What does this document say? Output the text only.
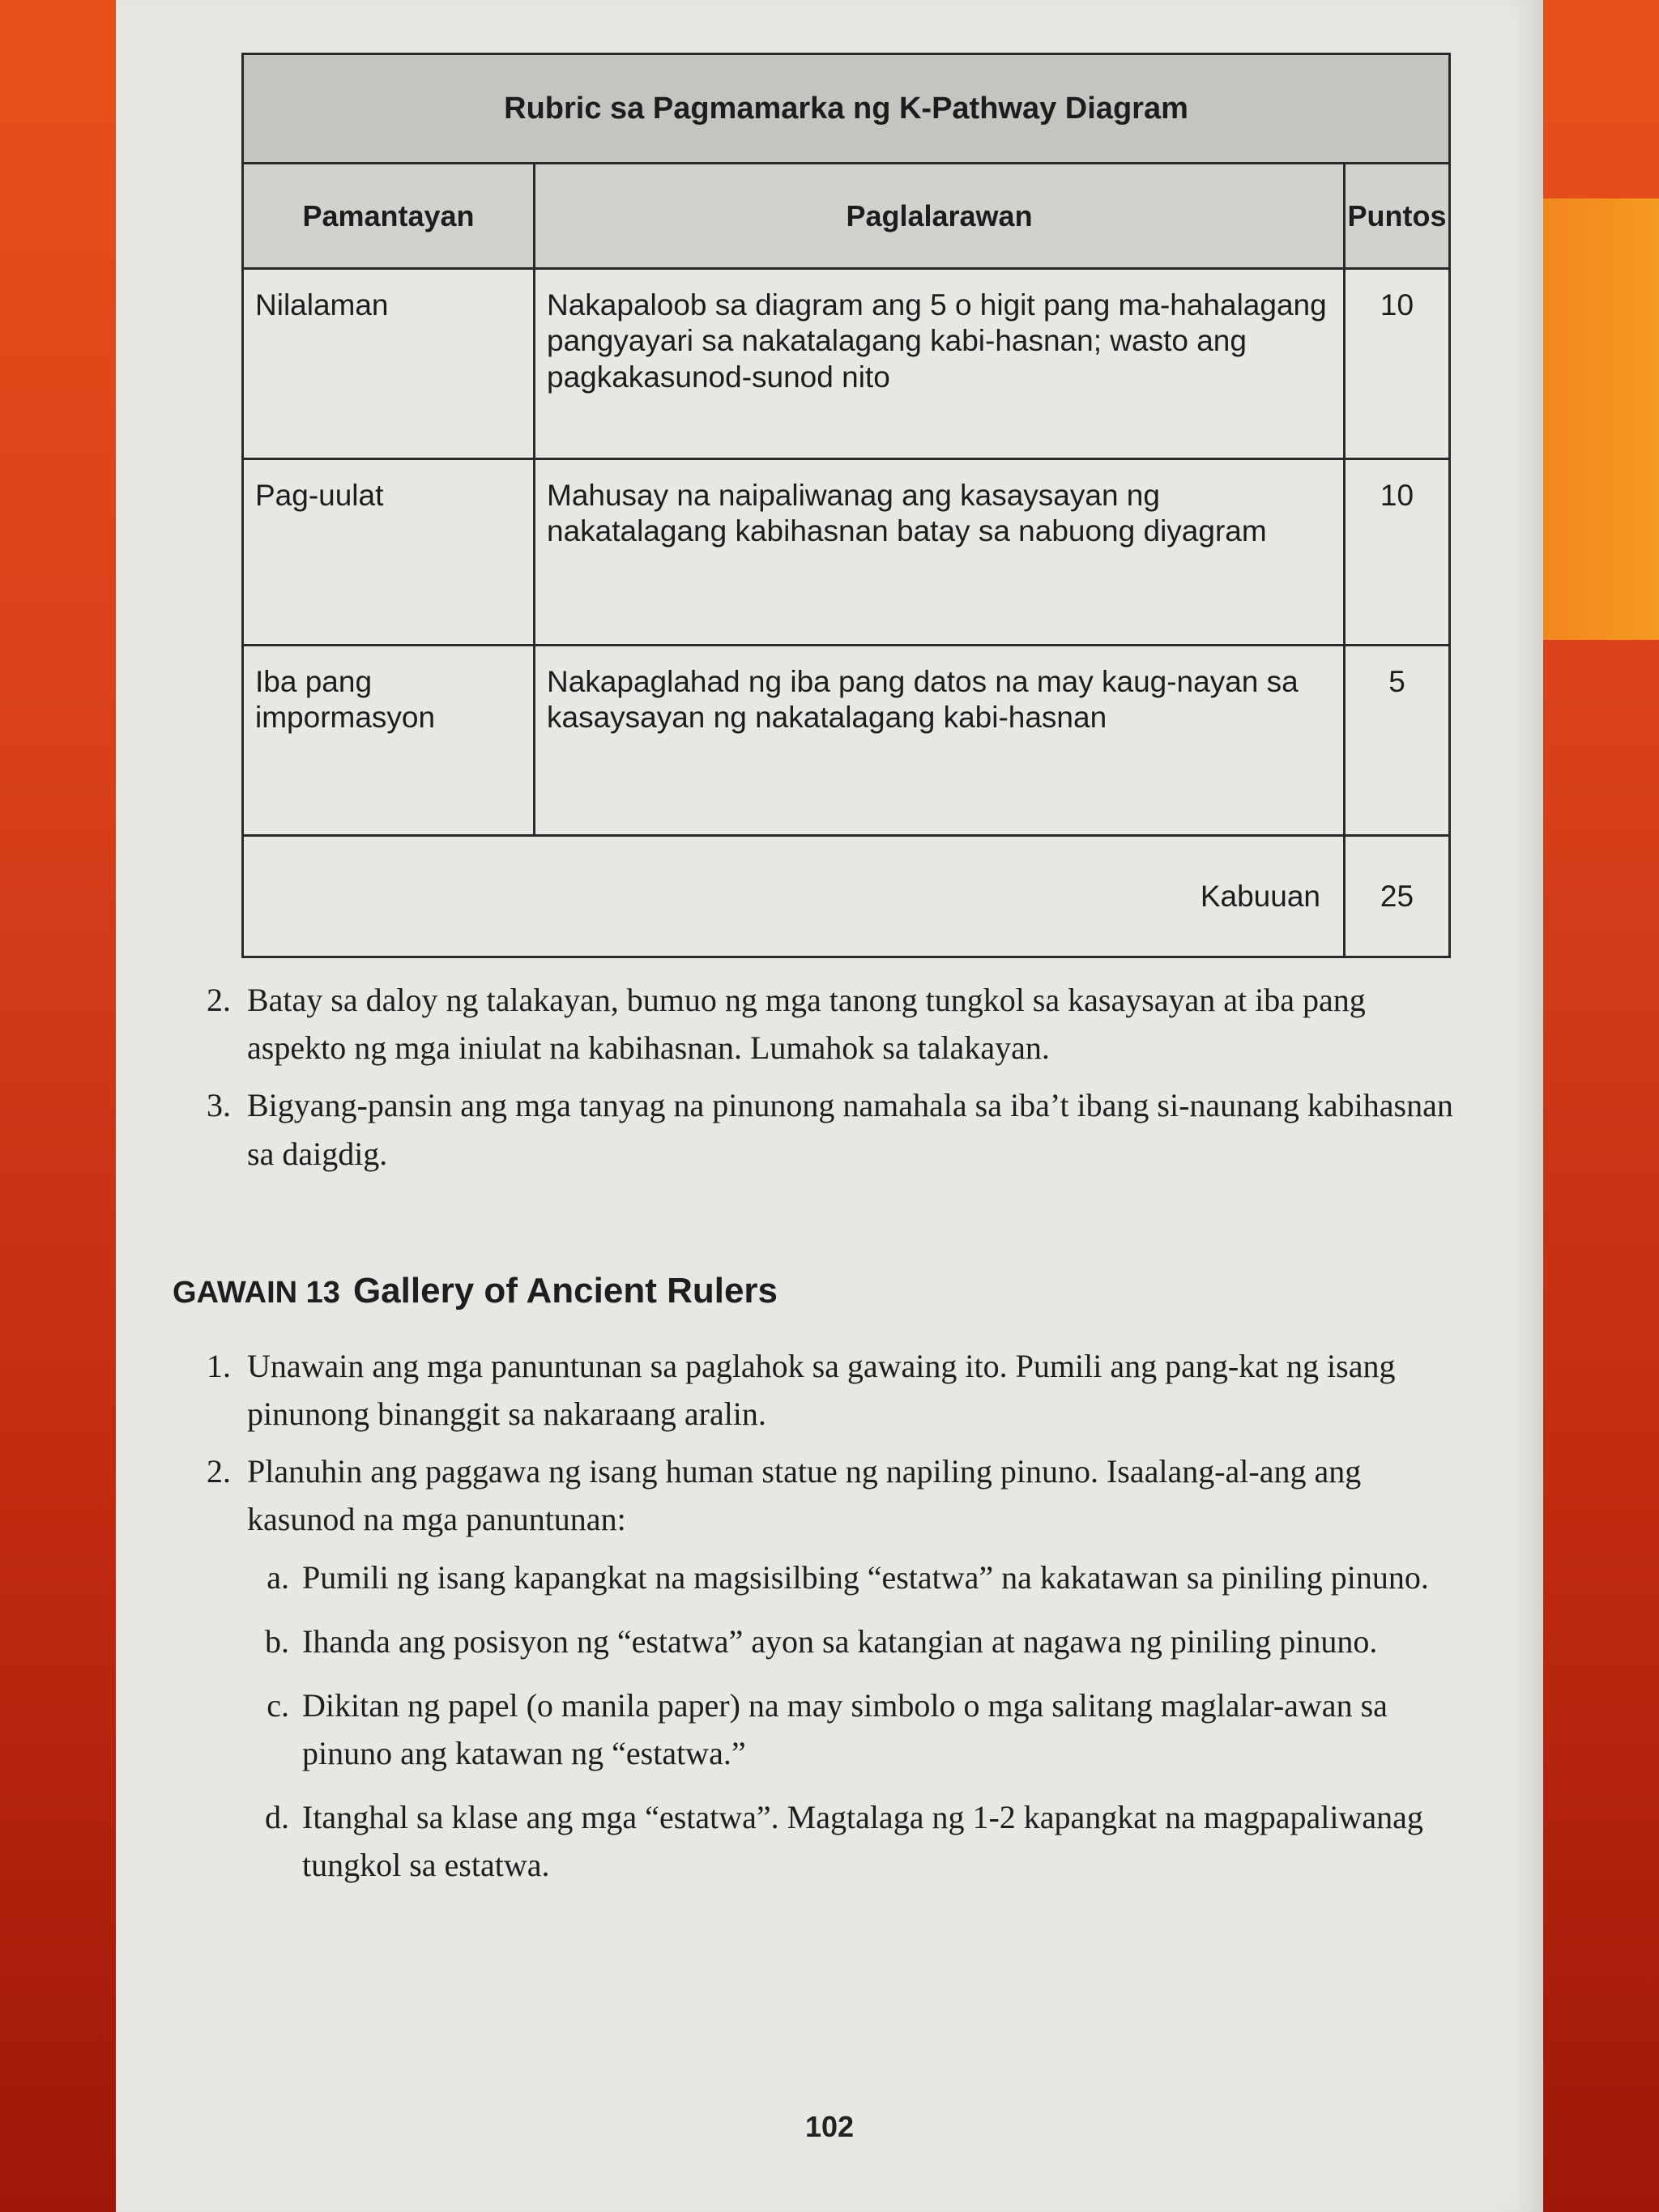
Rubric sa Pagmamarka ng K-Pathway Diagram		
Pamantayan	Paglalarawan	Puntos
Nilalaman	Nakapaloob sa diagram ang 5 o higit pang ma-hahalagang pangyayari sa nakatalagang kabi-hasnan; wasto ang pagkakasunod-sunod nito	10
Pag-uulat	Mahusay na naipaliwanag ang kasaysayan ng nakatalagang kabihasnan batay sa nabuong diyagram	10
Iba pang impormasyon	Nakapaglahad ng iba pang datos na may kaug-nayan sa kasaysayan ng nakatalagang kabi-hasnan	5
Kabuuan		25
2. Batay sa daloy ng talakayan, bumuo ng mga tanong tungkol sa kasaysayan at iba pang aspekto ng mga iniulat na kabihasnan. Lumahok sa talakayan.
3. Bigyang-pansin ang mga tanyag na pinunong namahala sa iba’t ibang si-naunang kabihasnan sa daigdig.
GAWAIN 13 Gallery of Ancient Rulers
1. Unawain ang mga panuntunan sa paglahok sa gawaing ito. Pumili ang pang-kat ng isang pinunong binanggit sa nakaraang aralin.
2. Planuhin ang paggawa ng isang human statue ng napiling pinuno. Isaalang-al-ang ang kasunod na mga panuntunan:
a. Pumili ng isang kapangkat na magsisilbing “estatwa” na kakatawan sa piniling pinuno.
b. Ihanda ang posisyon ng “estatwa” ayon sa katangian at nagawa ng piniling pinuno.
c. Dikitan ng papel (o manila paper) na may simbolo o mga salitang maglalar-awan sa pinuno ang katawan ng “estatwa.”
d. Itanghal sa klase ang mga “estatwa”. Magtalaga ng 1-2 kapangkat na magpapaliwanag tungkol sa estatwa.
102
